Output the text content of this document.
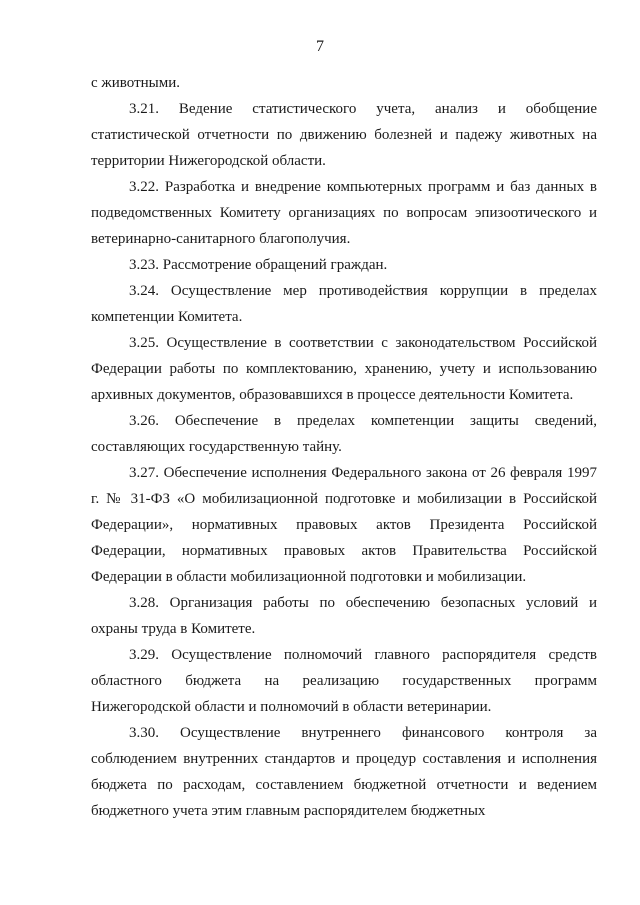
7

с животными.

3.21. Ведение статистического учета, анализ и обобщение статистической отчетности по движению болезней и падежу животных на территории Нижегородской области.

3.22. Разработка и внедрение компьютерных программ и баз данных в подведомственных Комитету организациях по вопросам эпизоотического и ветеринарно-санитарного благополучия.

3.23. Рассмотрение обращений граждан.

3.24. Осуществление мер противодействия коррупции в пределах компетенции Комитета.

3.25. Осуществление в соответствии с законодательством Российской Федерации работы по комплектованию, хранению, учету и использованию архивных документов, образовавшихся в процессе деятельности Комитета.

3.26. Обеспечение в пределах компетенции защиты сведений, составляющих государственную тайну.

3.27. Обеспечение исполнения Федерального закона от 26 февраля 1997 г. № 31-ФЗ «О мобилизационной подготовке и мобилизации в Российской Федерации», нормативных правовых актов Президента Российской Федерации, нормативных правовых актов Правительства Российской Федерации в области мобилизационной подготовки и мобилизации.

3.28. Организация работы по обеспечению безопасных условий и охраны труда в Комитете.

3.29. Осуществление полномочий главного распорядителя средств областного бюджета на реализацию государственных программ Нижегородской области и полномочий в области ветеринарии.

3.30. Осуществление внутреннего финансового контроля за соблюдением внутренних стандартов и процедур составления и исполнения бюджета по расходам, составлением бюджетной отчетности и ведением бюджетного учета этим главным распорядителем бюджетных
